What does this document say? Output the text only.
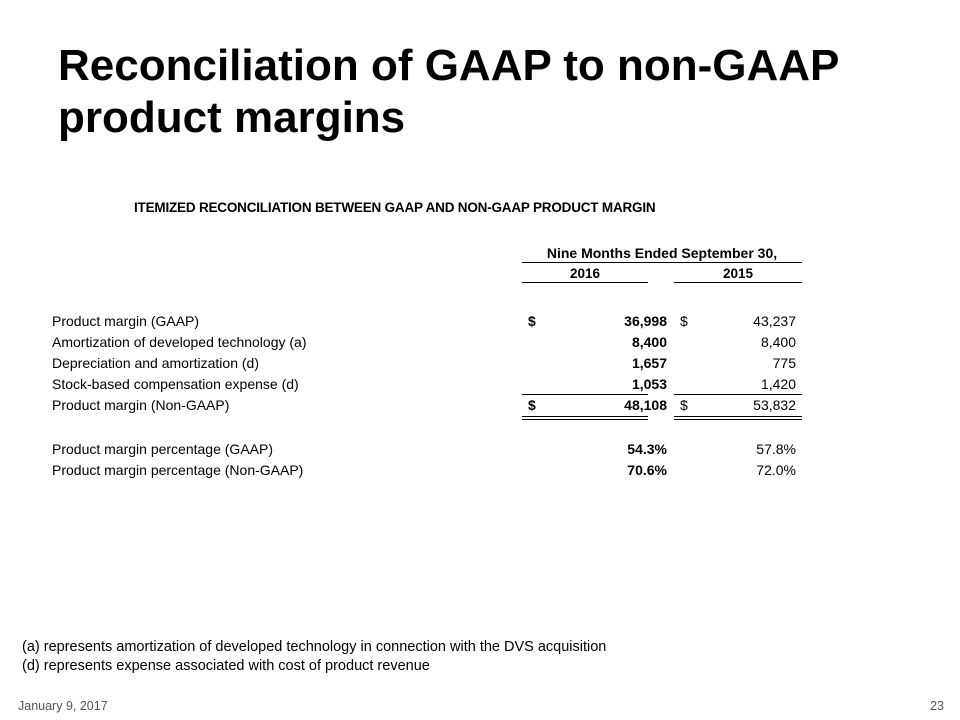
Reconciliation of GAAP to non-GAAP product margins
ITEMIZED RECONCILIATION BETWEEN GAAP AND NON-GAAP PRODUCT MARGIN
Nine Months Ended September 30,
2016	2015
Product margin (GAAP)	$	36,998 $	43,237
Amortization of developed technology (a)	8,400	8,400
Depreciation and amortization (d)	1,657	775
Stock-based compensation expense (d)	1,053	1,420
Product margin (Non-GAAP)	$	48,108 $	53,832
Product margin percentage (GAAP)	54.3%	57.8%
Product margin percentage (Non-GAAP)	70.6%	72.0%
(a) represents amortization of developed technology in connection with the DVS acquisition
(d) represents expense associated with cost of product revenue
January 9, 2017	23
